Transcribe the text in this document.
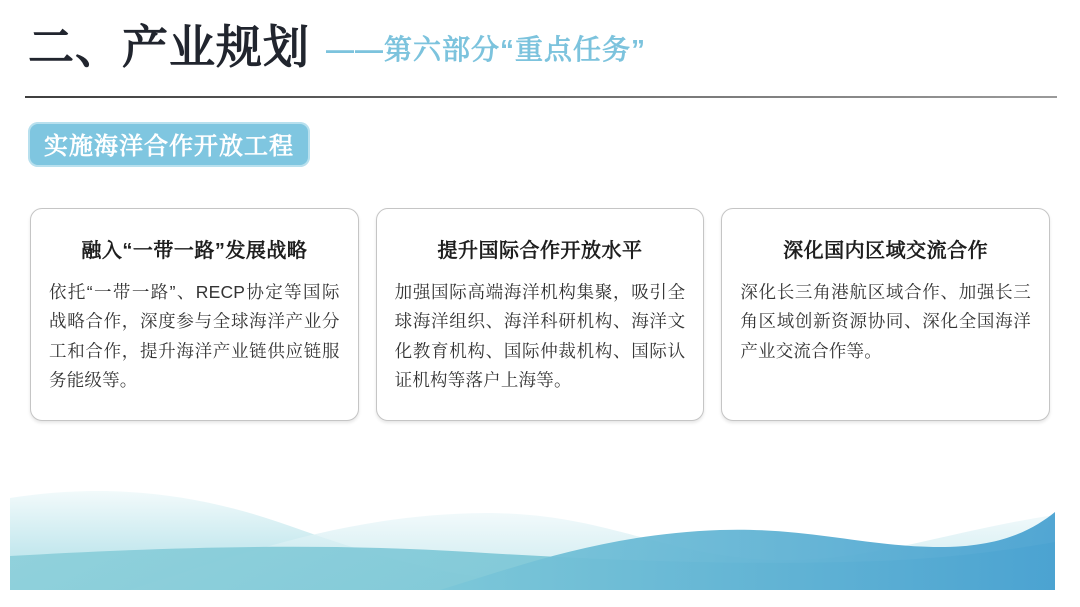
二、产业规划 ——第六部分“重点任务”
实施海洋合作开放工程
融入“一带一路”发展战略
依托“一带一路”、RECP协定等国际战略合作，深度参与全球海洋产业分工和合作，提升海洋产业链供应链服务能级等。
提升国际合作开放水平
加强国际高端海洋机构集聚，吸引全球海洋组织、海洋科研机构、海洋文化教育机构、国际仲裁机构、国际认证机构等落户上海等。
深化国内区域交流合作
深化长三角港航区域合作、加强长三角区域创新资源协同、深化全国海洋产业交流合作等。
